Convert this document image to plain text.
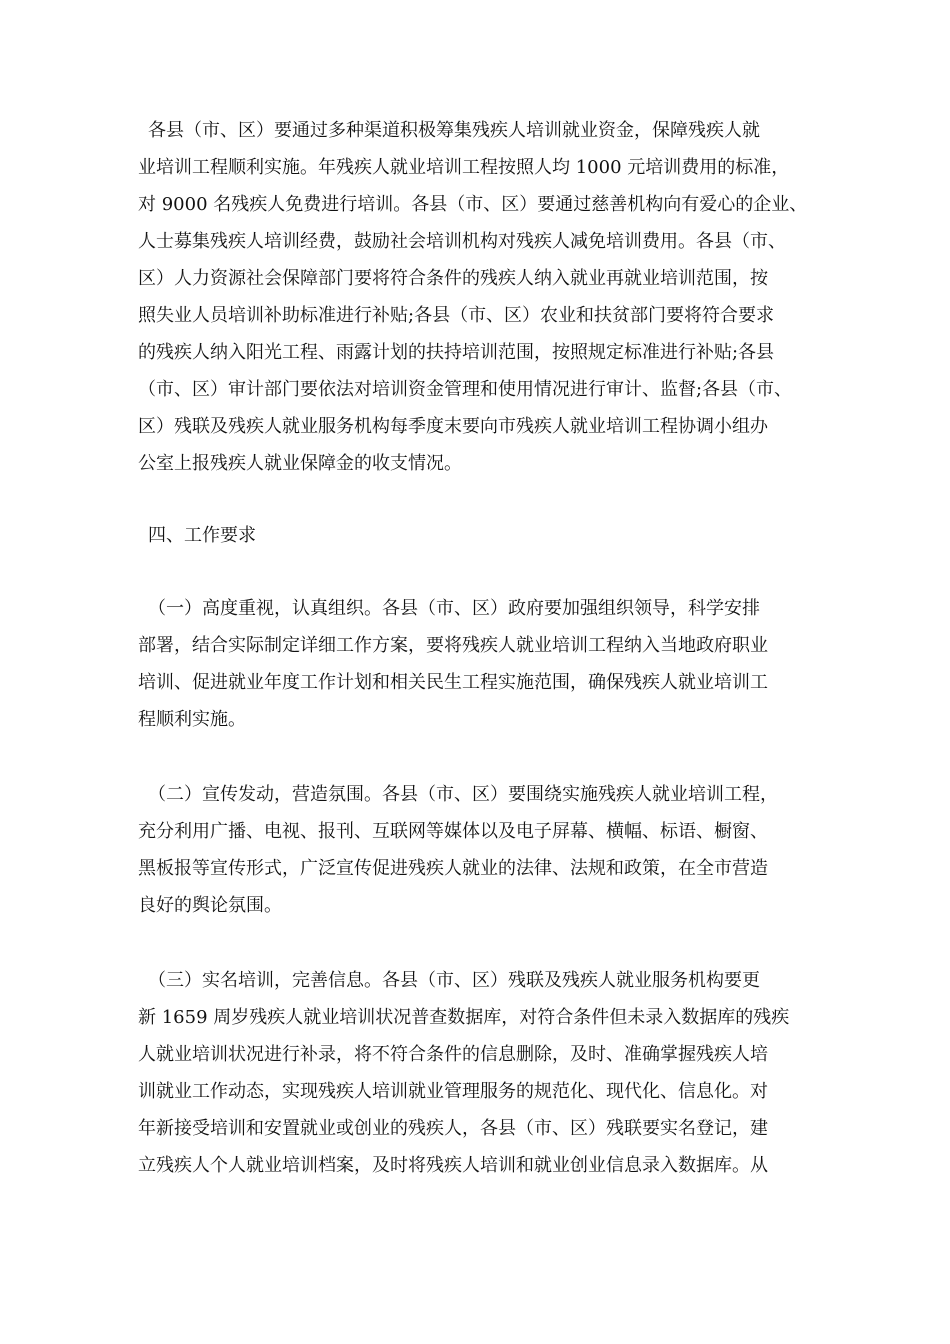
各县（市、区）要通过多种渠道积极筹集残疾人培训就业资金，保障残疾人就
业培训工程顺利实施。年残疾人就业培训工程按照人均 1000 元培训费用的标准，
对 9000 名残疾人免费进行培训。各县（市、区）要通过慈善机构向有爱心的企业、
人士募集残疾人培训经费，鼓励社会培训机构对残疾人减免培训费用。各县（市、
区）人力资源社会保障部门要将符合条件的残疾人纳入就业再就业培训范围，按
照失业人员培训补助标准进行补贴;各县（市、区）农业和扶贫部门要将符合要求
的残疾人纳入阳光工程、雨露计划的扶持培训范围，按照规定标准进行补贴;各县
（市、区）审计部门要依法对培训资金管理和使用情况进行审计、监督;各县（市、
区）残联及残疾人就业服务机构每季度末要向市残疾人就业培训工程协调小组办
公室上报残疾人就业保障金的收支情况。
四、工作要求
（一）高度重视，认真组织。各县（市、区）政府要加强组织领导，科学安排
部署，结合实际制定详细工作方案，要将残疾人就业培训工程纳入当地政府职业
培训、促进就业年度工作计划和相关民生工程实施范围，确保残疾人就业培训工
程顺利实施。
（二）宣传发动，营造氛围。各县（市、区）要围绕实施残疾人就业培训工程，
充分利用广播、电视、报刊、互联网等媒体以及电子屏幕、横幅、标语、橱窗、
黑板报等宣传形式，广泛宣传促进残疾人就业的法律、法规和政策，在全市营造
良好的舆论氛围。
（三）实名培训，完善信息。各县（市、区）残联及残疾人就业服务机构要更
新 1659 周岁残疾人就业培训状况普查数据库，对符合条件但未录入数据库的残疾
人就业培训状况进行补录，将不符合条件的信息删除，及时、准确掌握残疾人培
训就业工作动态，实现残疾人培训就业管理服务的规范化、现代化、信息化。对
年新接受培训和安置就业或创业的残疾人，各县（市、区）残联要实名登记，建
立残疾人个人就业培训档案，及时将残疾人培训和就业创业信息录入数据库。从
